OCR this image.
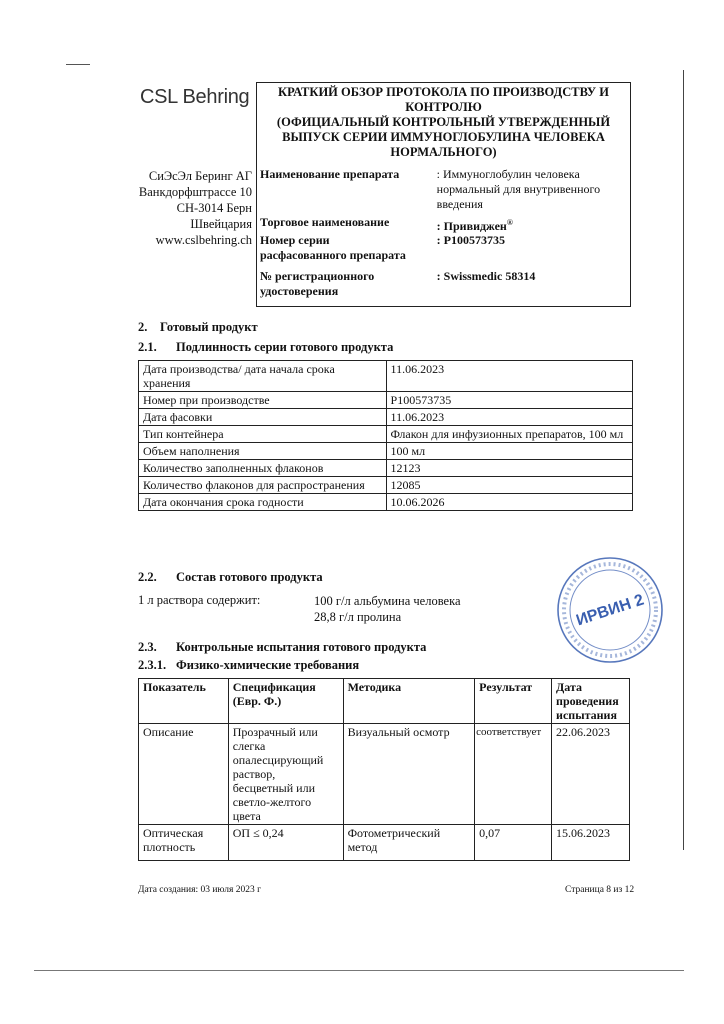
CSL Behring
СиЭсЭл Беринг АГ
Ванкдорфштрассе 10
CH-3014 Берн
Швейцария
www.cslbehring.ch
КРАТКИЙ ОБЗОР ПРОТОКОЛА ПО ПРОИЗВОДСТВУ И
КОНТРОЛЮ
(ОФИЦИАЛЬНЫЙ КОНТРОЛЬНЫЙ УТВЕРЖДЕННЫЙ
ВЫПУСК СЕРИИ ИММУНОГЛОБУЛИНА ЧЕЛОВЕКА
НОРМАЛЬНОГО)
Наименование препарата	: Иммуноглобулин человека нормальный для внутривенного введения
Торговое наименование	: Привиджен®
Номер серии расфасованного препарата
: P100573735
№ регистрационного удостоверения
: Swissmedic 58314
2. Готовый продукт
2.1. Подлинность серии готового продукта
Дата производства/ дата начала срока хранения	11.06.2023
Номер при производстве	P100573735
Дата фасовки	11.06.2023
Тип контейнера	Флакон для инфузионных препаратов, 100 мл
Объем наполнения	100 мл
Количество заполненных флаконов	12123
Количество флаконов для распространения	12085
Дата окончания срока годности	10.06.2026
2.2. Состав готового продукта
1 л раствора содержит:	100 г/л альбумина человека
28,8 г/л пролина
2.3. Контрольные испытания готового продукта
2.3.1. Физико-химические требования
Показатель	Спецификация (Евр. Ф.)	Методика	Результат	Дата проведения испытания
Описание	Прозрачный или слегка опалесцирующий раствор, бесцветный или светло-желтого цвета	Визуальный осмотр	соответствует	22.06.2023
Оптическая плотность	ОП ≤ 0,24	Фотометрический метод	0,07	15.06.2023
ИРВИН 2
Дата создания: 03 июля 2023 г	Страница 8 из 12
